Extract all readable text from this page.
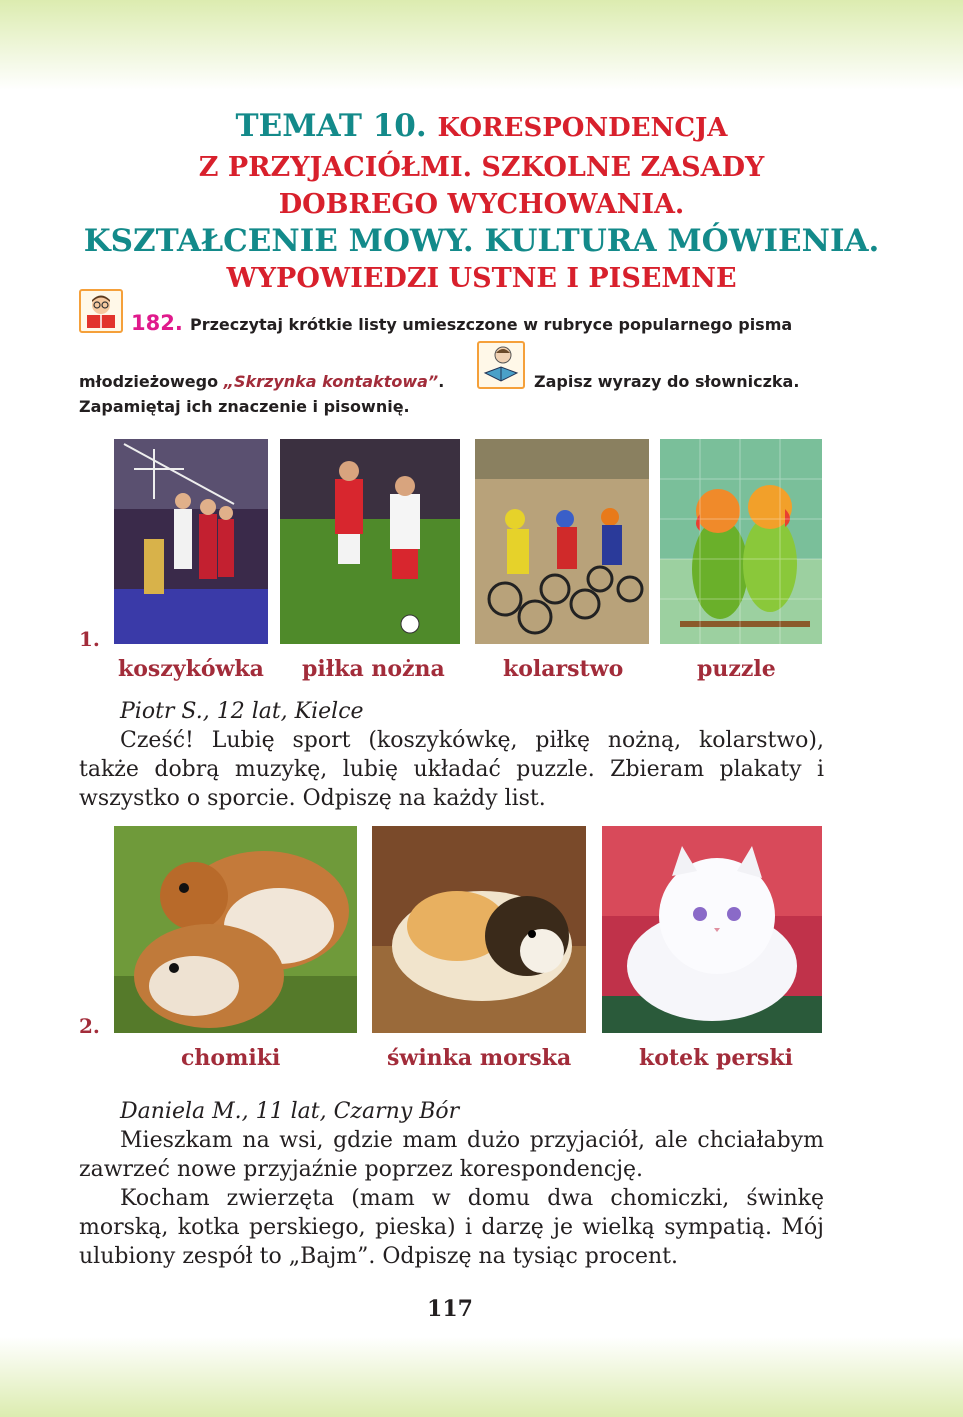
TEMAT 10. KORESPONDENCJA
Z PRZYJACIÓŁMI. SZKOLNE ZASADY
DOBREGO WYCHOWANIA.
KSZTAŁCENIE MOWY. KULTURA MÓWIENIA.
WYPOWIEDZI USTNE I PISEMNE
182. Przeczytaj krótkie listy umieszczone w rubryce popularnego pisma
młodzieżowego „Skrzynka kontaktowa”.	Zapisz wyrazy do słowniczka.
Zapamiętaj ich znaczenie i pisownię.
1.
koszykówka piłka nożna	kolarstwo	puzzle

Piotr S., 12 lat, Kielce

Cześć! Lubię sport (koszykówkę, piłkę nożną, kolarstwo), także dobrą muzykę, lubię układać puzzle. Zbieram plakaty i wszystko o sporcie. Odpiszę na każdy list.

2.
chomiki	świnka morska	kotek perski

Daniela M., 11 lat, Czarny Bór

Mieszkam na wsi, gdzie mam dużo przyjaciół, ale chciałabym zawrzeć nowe przyjaźnie poprzez korespondencję.

Kocham zwierzęta (mam w domu dwa chomiczki, świnkę morską, kotka perskiego, pieska) i darzę je wielką sympatią. Mój ulubiony zespół to „Bajm”. Odpiszę na tysiąc procent.

117
